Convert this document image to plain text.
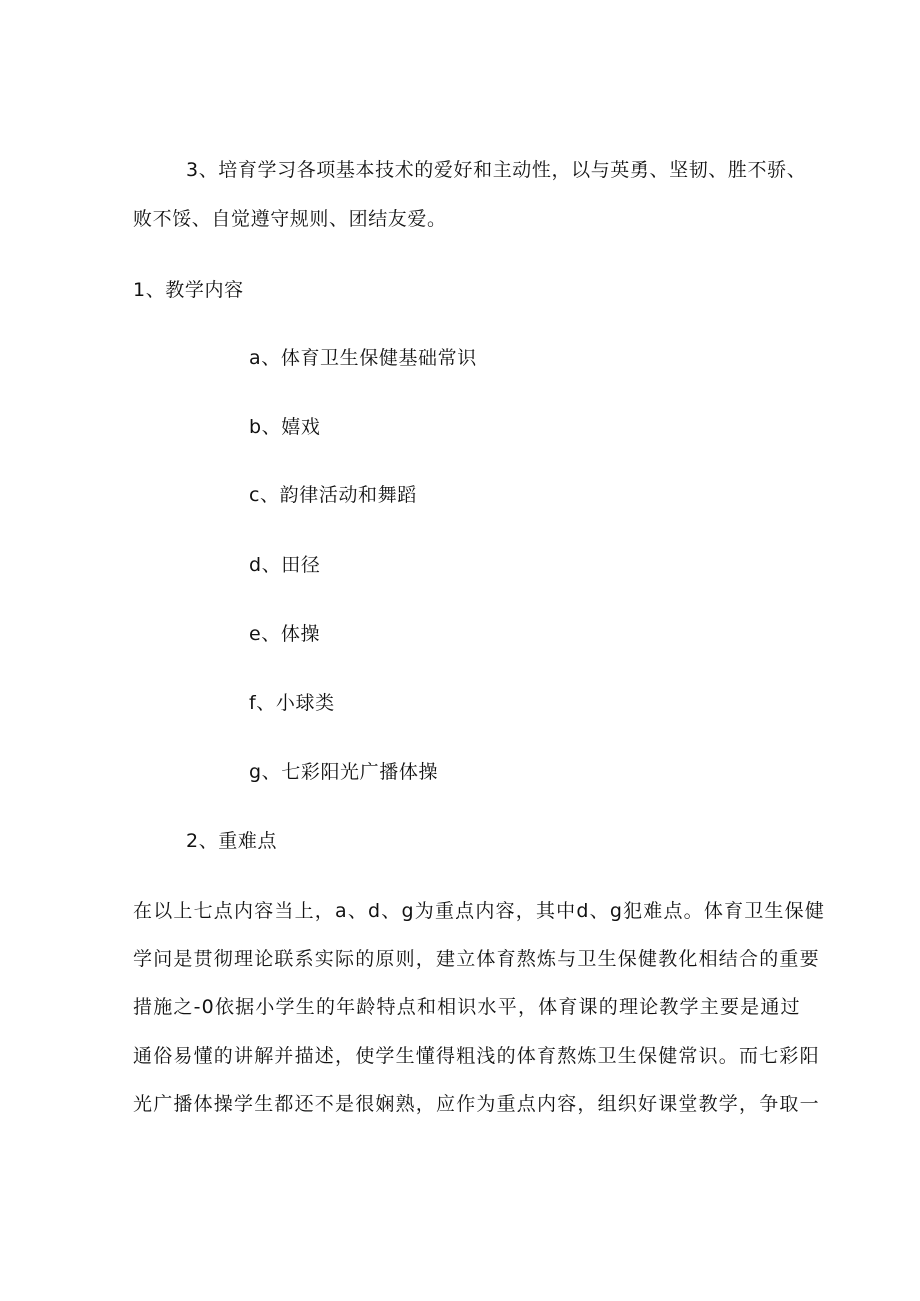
3、培育学习各项基本技术的爱好和主动性，以与英勇、坚韧、胜不骄、
败不馁、自觉遵守规则、团结友爱。
1、教学内容
a、体育卫生保健基础常识
b、嬉戏
c、韵律活动和舞蹈
d、田径
e、体操
f、小球类
g、七彩阳光广播体操
2、重难点
在以上七点内容当上，a、d、g为重点内容，其中d、g犯难点。体育卫生保健
学问是贯彻理论联系实际的原则，建立体育熬炼与卫生保健教化相结合的重要
措施之-0依据小学生的年龄特点和相识水平，体育课的理论教学主要是通过
通俗易懂的讲解并描述，使学生懂得粗浅的体育熬炼卫生保健常识。而七彩阳
光广播体操学生都还不是很娴熟，应作为重点内容，组织好课堂教学，争取一
